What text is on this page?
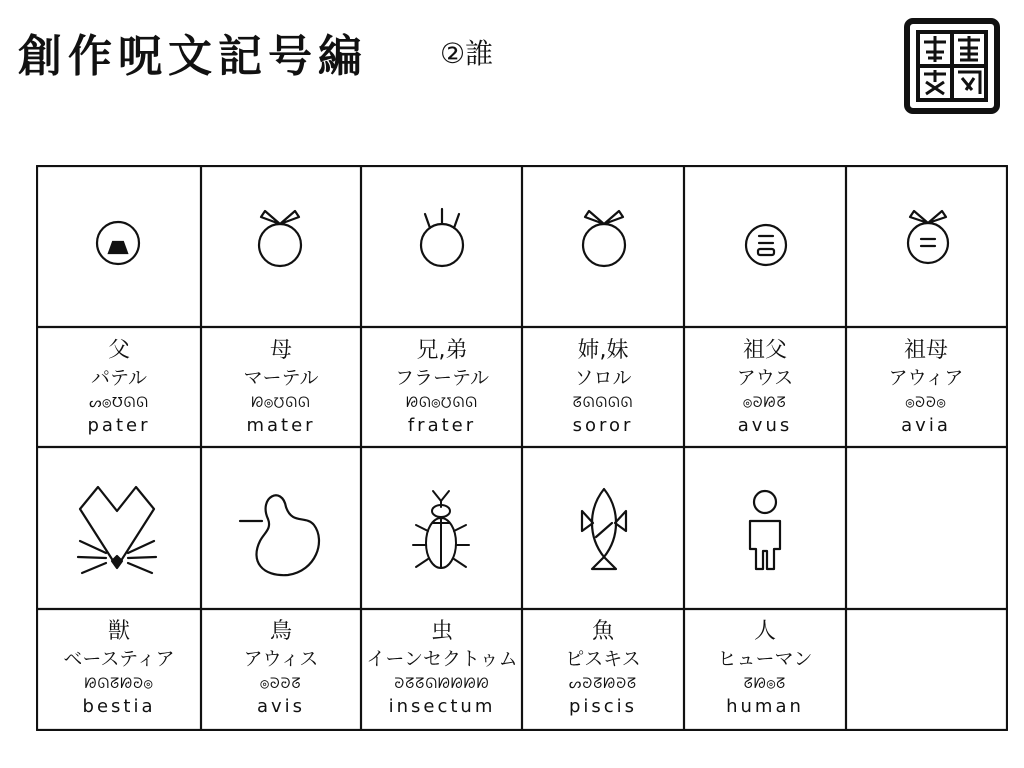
創作呪文記号編	②誰
父
パテル
ᔕ◎℧ᘏᘏ
pater
母
マーテル
ᘗ◎℧ᘏᘏ
mater
兄,弟
フラーテル
ᘙᘏ◎℧ᘏᘏ
frater
姉,妹
ソロル
ᘔᘏᘏᘏᘏ
soror
祖父
アウス
◎ᘐᘙᘔ
avus
祖母
アウィア
◎ᘐᘒ◎
avia
獣
ベースティア
ᘙᘏᘔᘙᘒ◎
bestia
鳥
アウィス
◎ᘐᘒᘔ
avis
虫
イーンセクトゥム
ᘒᘔᘔᘏᘙᘙᘙᘗ
insectum
魚
ピスキス
ᔕᘒᘔᘙᘒᘔ
piscis
人
ヒューマン
ᘔᘙ◎ᘔ
human
